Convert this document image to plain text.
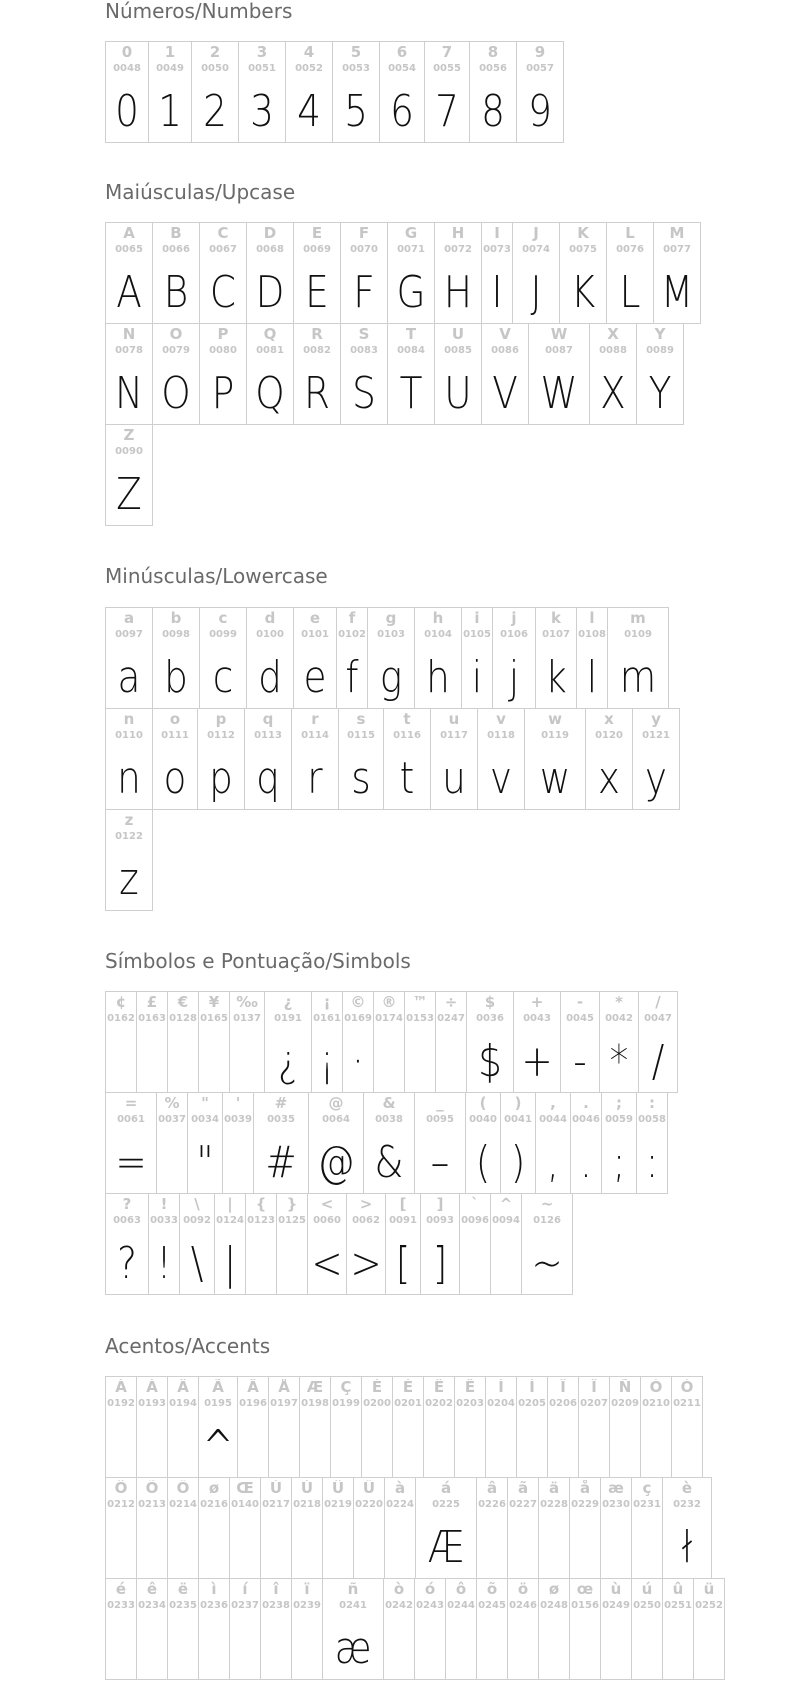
Números/Numbers
0
0048
0
1
0049
1
2
0050
2
3
0051
3
4
0052
4
5
0053
5
6
0054
6
7
0055
7
8
0056
8
9
0057
9
Maiúsculas/Upcase
A
0065
A
B
0066
B
C
0067
C
D
0068
D
E
0069
E
F
0070
F
G
0071
G
H
0072
H
I
0073
I
J
0074
J
K
0075
K
L
0076
L
M
0077
M
N
0078
N
O
0079
O
P
0080
P
Q
0081
Q
R
0082
R
S
0083
S
T
0084
T
U
0085
U
V
0086
V
W
0087
W
X
0088
X
Y
0089
Y
Z
0090
Z
Minúsculas/Lowercase
a
0097
a
b
0098
b
c
0099
c
d
0100
d
e
0101
e
f
0102
f
g
0103
g
h
0104
h
i
0105
i
j
0106
j
k
0107
k
l
0108
l
m
0109
m
n
0110
n
o
0111
o
p
0112
p
q
0113
q
r
0114
r
s
0115
s
t
0116
t
u
0117
u
v
0118
v
w
0119
w
x
0120
x
y
0121
y
z
0122
z
Símbolos e Pontuação/Simbols
¢
0162
£
0163
€
0128
¥
0165
‰
0137
¿
0191
¿
¡
0161
¡
©
0169
·
®
0174
™
0153
÷
0247
$
0036
$
+
0043
+
-
0045
-
*
0042
*
/
0047
/
=
0061
=
%
0037
"
0034
"
'
0039
#
0035
#
@
0064
@
&
0038
&
_
0095
–
(
0040
(
)
0041
)
,
0044
,
.
0046
.
;
0059
;
:
0058
:
?
0063
?
!
0033
!
\
0092
\
|
0124
|
{
0123
}
0125
<
0060
<
>
0062
>
[
0091
[
]
0093
]
`
0096
^
0094
~
0126
~
Acentos/Accents
À
0192
Á
0193
Â
0194
Ã
0195
^
Ä
0196
Å
0197
Æ
0198
Ç
0199
È
0200
É
0201
Ê
0202
Ë
0203
Ì
0204
Í
0205
Î
0206
Ï
0207
Ñ
0209
Ò
0210
Ó
0211
Ô
0212
Õ
0213
Ö
0214
ø
0216
Œ
0140
Ù
0217
Ú
0218
Û
0219
Ü
0220
à
0224
á
0225
Æ
â
0226
ã
0227
ä
0228
å
0229
æ
0230
ç
0231
è
0232
ł
é
0233
ê
0234
ë
0235
ì
0236
í
0237
î
0238
ï
0239
ñ
0241
æ
ò
0242
ó
0243
ô
0244
õ
0245
ö
0246
ø
0248
œ
0156
ù
0249
ú
0250
û
0251
ü
0252
